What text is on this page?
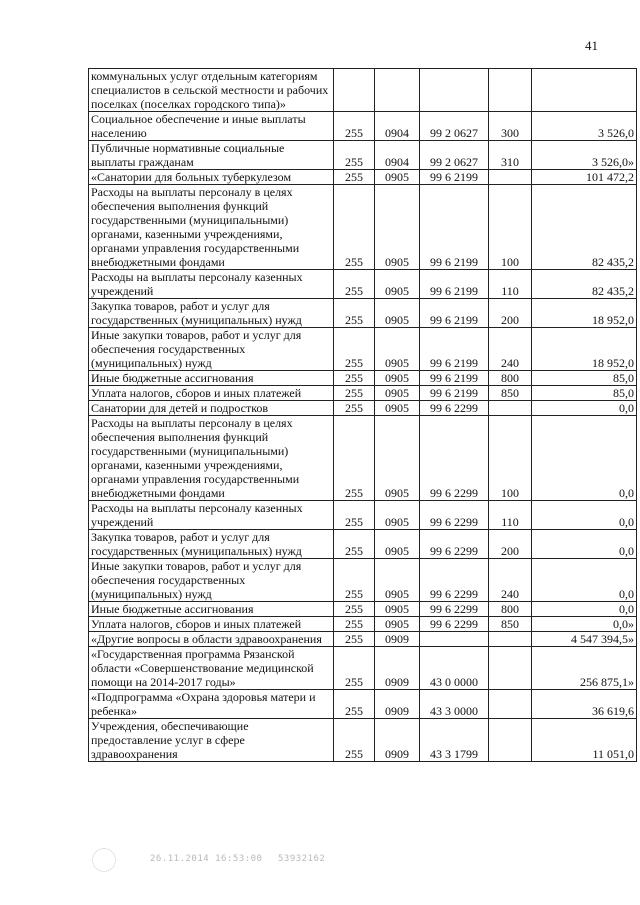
41
коммунальных услуг отдельным категориям специалистов в сельской местности и рабочих поселках (поселках городского типа)»					
Социальное обеспечение и иные выплаты населению	255	0904	99 2 0627	300	3 526,0
Публичные нормативные социальные выплаты гражданам	255	0904	99 2 0627	310	3 526,0»
«Санатории для больных туберкулезом	255	0905	99 6 2199		101 472,2
Расходы на выплаты персоналу в целях обеспечения выполнения функций государственными (муниципальными) органами, казенными учреждениями, органами управления государственными внебюджетными фондами	255	0905	99 6 2199	100	82 435,2
Расходы на выплаты персоналу казенных учреждений	255	0905	99 6 2199	110	82 435,2
Закупка товаров, работ и услуг для государственных (муниципальных) нужд	255	0905	99 6 2199	200	18 952,0
Иные закупки товаров, работ и услуг для обеспечения государственных (муниципальных) нужд	255	0905	99 6 2199	240	18 952,0
Иные бюджетные ассигнования	255	0905	99 6 2199	800	85,0
Уплата налогов, сборов и иных платежей	255	0905	99 6 2199	850	85,0
Санатории для детей и подростков	255	0905	99 6 2299		0,0
Расходы на выплаты персоналу в целях обеспечения выполнения функций государственными (муниципальными) органами, казенными учреждениями, органами управления государственными внебюджетными фондами	255	0905	99 6 2299	100	0,0
Расходы на выплаты персоналу казенных учреждений	255	0905	99 6 2299	110	0,0
Закупка товаров, работ и услуг для государственных (муниципальных) нужд	255	0905	99 6 2299	200	0,0
Иные закупки товаров, работ и услуг для обеспечения государственных (муниципальных) нужд	255	0905	99 6 2299	240	0,0
Иные бюджетные ассигнования	255	0905	99 6 2299	800	0,0
Уплата налогов, сборов и иных платежей	255	0905	99 6 2299	850	0,0»
«Другие вопросы в области здравоохранения	255	0909			4 547 394,5»
«Государственная программа Рязанской области «Совершенствование медицинской помощи на 2014-2017 годы»	255	0909	43 0 0000		256 875,1»
«Подпрограмма «Охрана здоровья матери и ребенка»	255	0909	43 3 0000		36 619,6
Учреждения, обеспечивающие предоставление услуг в сфере здравоохранения	255	0909	43 3 1799		11 051,0
26.11.2014 16:53:00 53932162
